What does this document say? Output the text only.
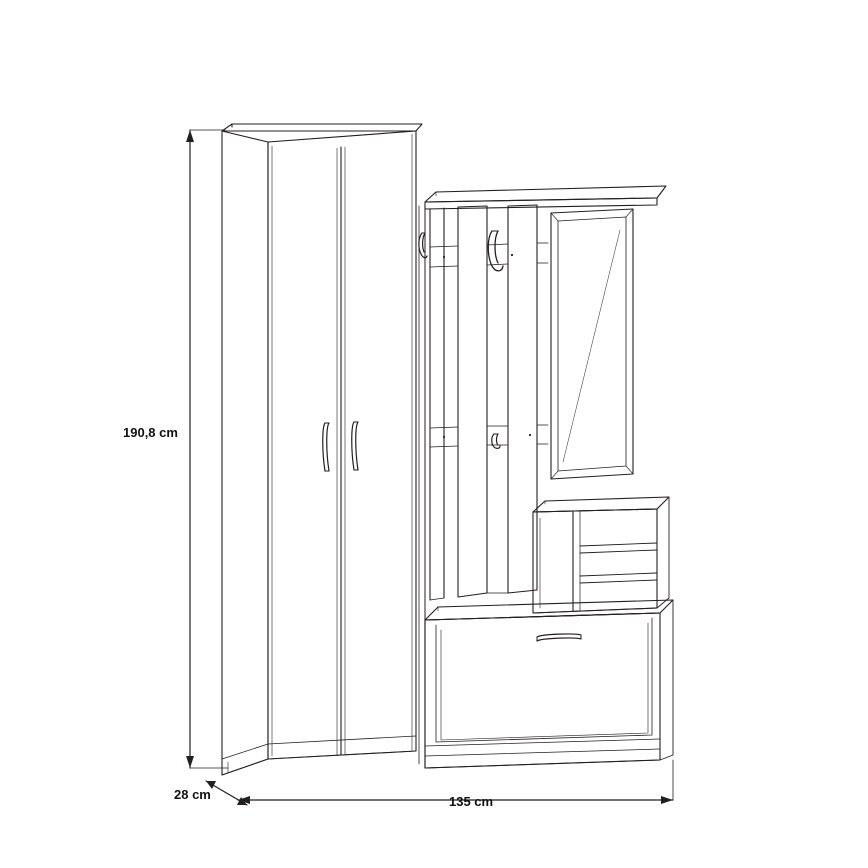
190,8 cm
28 cm	135 cm
